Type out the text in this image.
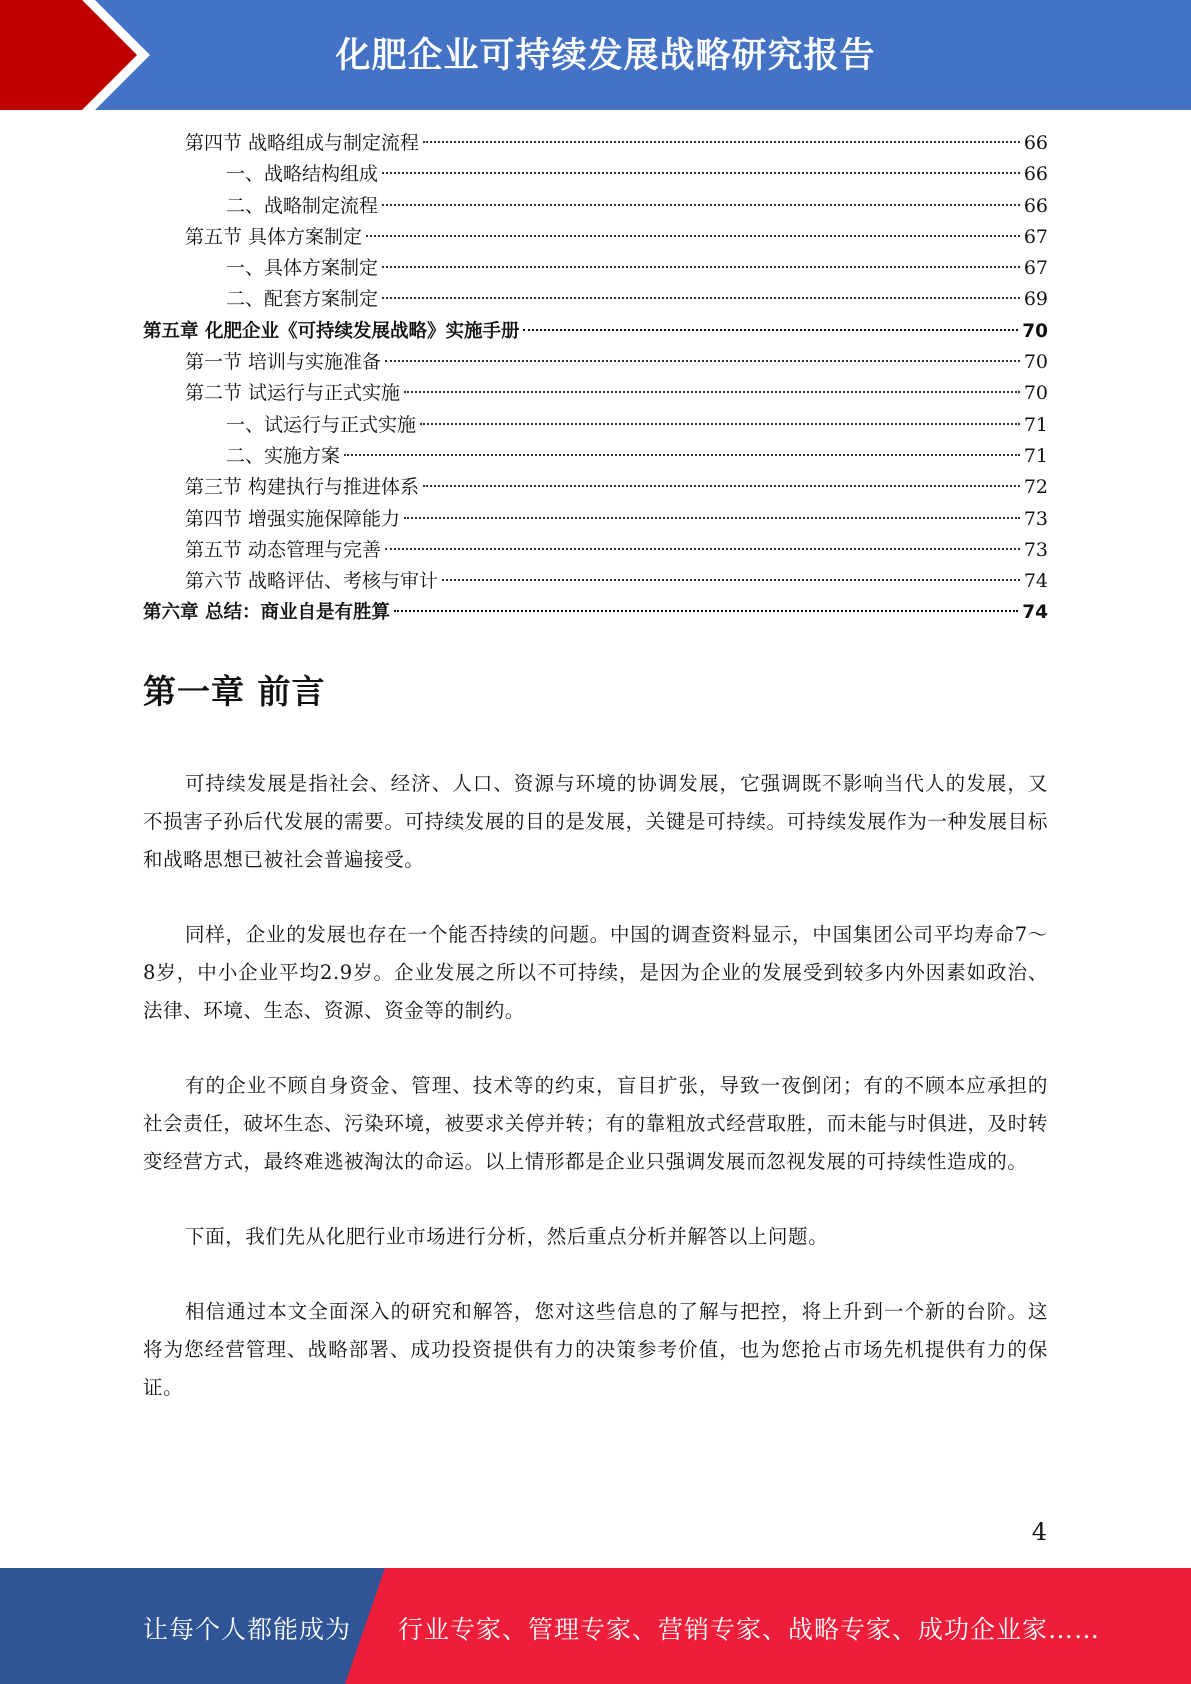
化肥企业可持续发展战略研究报告
第四节 战略组成与制定流程	66
一、战略结构组成	66
二、战略制定流程	66
第五节 具体方案制定	67
一、具体方案制定	67
二、配套方案制定	69
第五章 化肥企业《可持续发展战略》实施手册	70
第一节 培训与实施准备	70
第二节 试运行与正式实施	70
一、试运行与正式实施	71
二、实施方案	71
第三节 构建执行与推进体系	72
第四节 增强实施保障能力	73
第五节 动态管理与完善	73
第六节 战略评估、考核与审计	74
第六章 总结：商业自是有胜算	74
第一章 前言

可持续发展是指社会、经济、人口、资源与环境的协调发展，它强调既不影响当代人的发展，又不损害子孙后代发展的需要。可持续发展的目的是发展，关键是可持续。可持续发展作为一种发展目标和战略思想已被社会普遍接受。

同样，企业的发展也存在一个能否持续的问题。中国的调查资料显示，中国集团公司平均寿命7～8岁，中小企业平均2.9岁。企业发展之所以不可持续，是因为企业的发展受到较多内外因素如政治、法律、环境、生态、资源、资金等的制约。

有的企业不顾自身资金、管理、技术等的约束，盲目扩张，导致一夜倒闭；有的不顾本应承担的社会责任，破坏生态、污染环境，被要求关停并转；有的靠粗放式经营取胜，而未能与时俱进，及时转变经营方式，最终难逃被淘汰的命运。以上情形都是企业只强调发展而忽视发展的可持续性造成的。

下面，我们先从化肥行业市场进行分析，然后重点分析并解答以上问题。

相信通过本文全面深入的研究和解答，您对这些信息的了解与把控，将上升到一个新的台阶。这将为您经营管理、战略部署、成功投资提供有力的决策参考价值，也为您抢占市场先机提供有力的保证。

4
让每个人都能成为 行业专家、管理专家、营销专家、战略专家、成功企业家……
